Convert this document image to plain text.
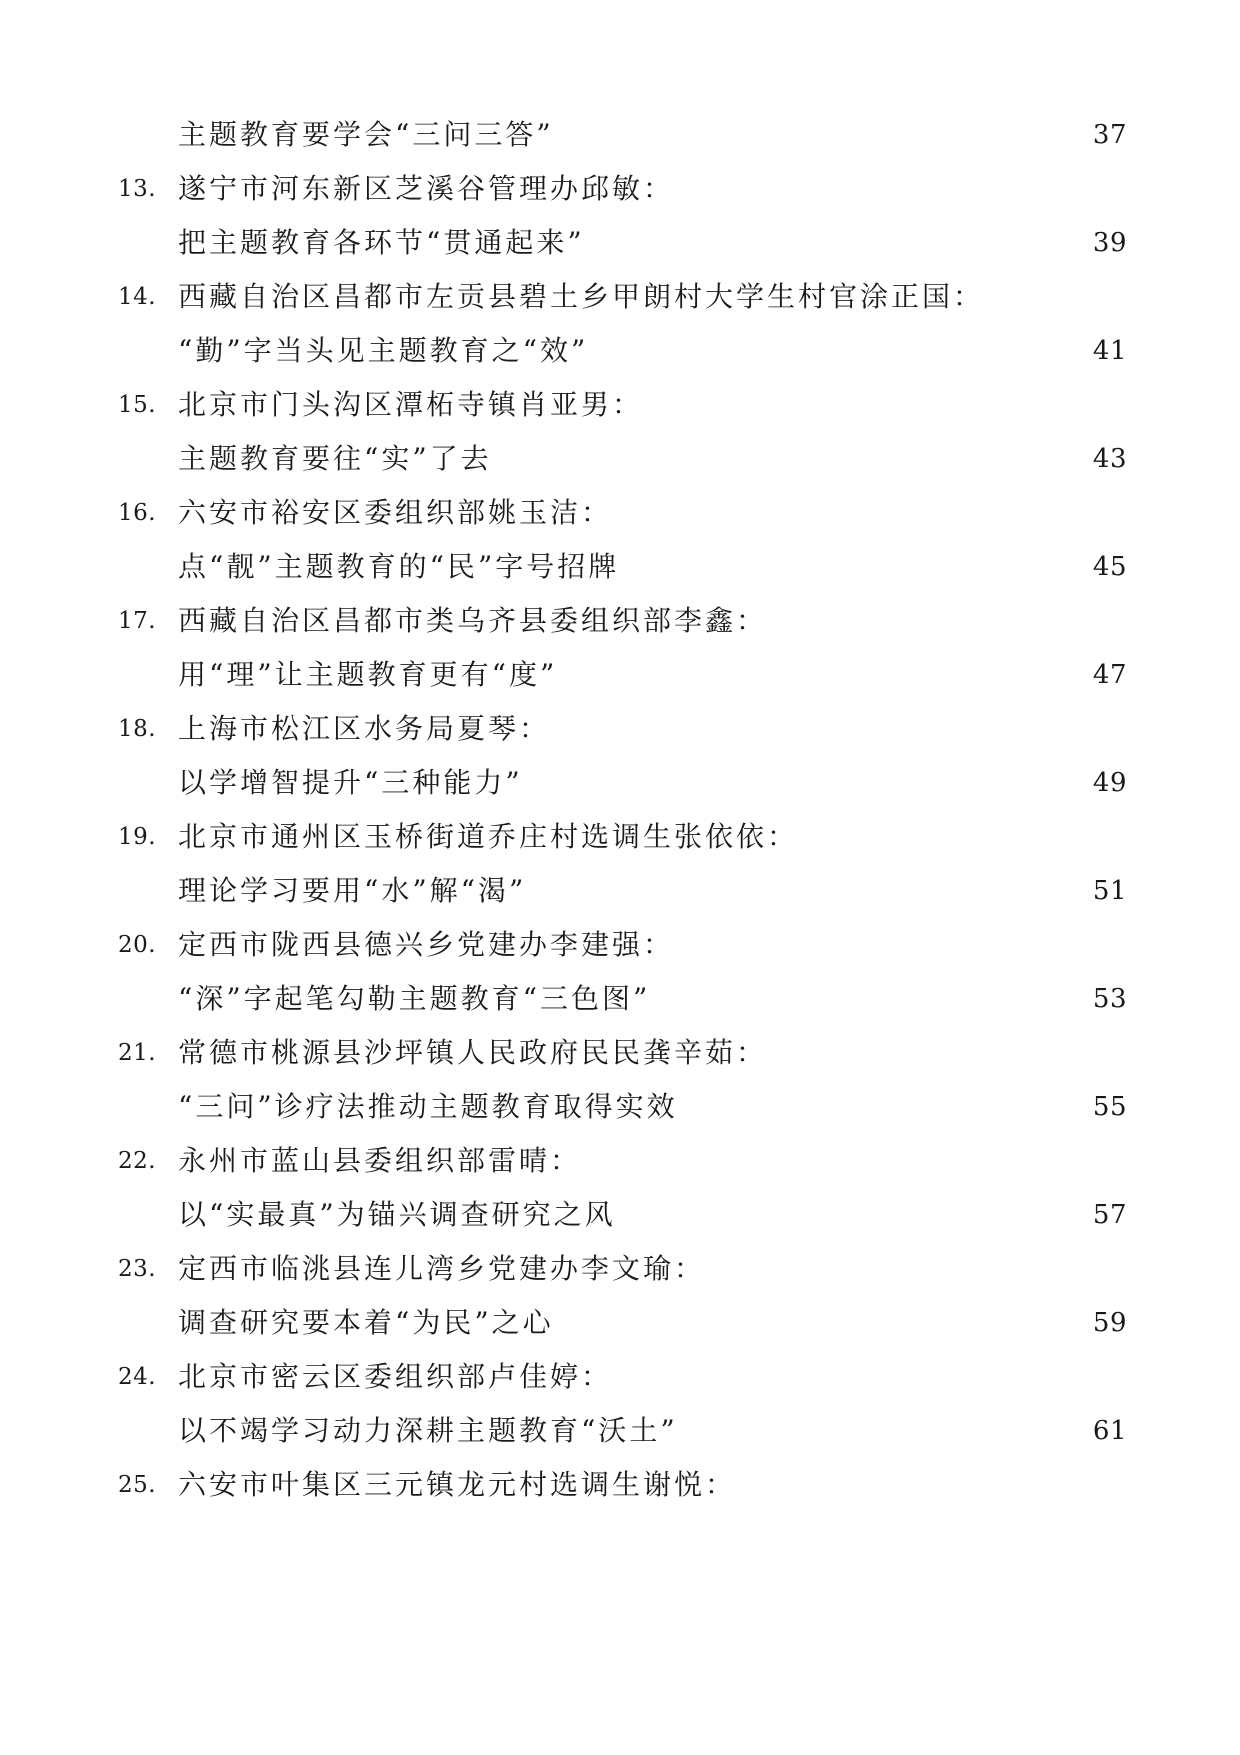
主题教育要学会“三问三答”	37
13. 遂宁市河东新区芝溪谷管理办邱敏：
把主题教育各环节“贯通起来”	39
14. 西藏自治区昌都市左贡县碧土乡甲朗村大学生村官涂正国：
“勤”字当头见主题教育之“效”	41
15. 北京市门头沟区潭柘寺镇肖亚男：
主题教育要往“实”了去	43
16. 六安市裕安区委组织部姚玉洁：
点“靓”主题教育的“民”字号招牌	45
17. 西藏自治区昌都市类乌齐县委组织部李鑫：
用“理”让主题教育更有“度”	47
18. 上海市松江区水务局夏琴：
以学增智提升“三种能力”	49
19. 北京市通州区玉桥街道乔庄村选调生张依依：
理论学习要用“水”解“渴”	51
20. 定西市陇西县德兴乡党建办李建强：
“深”字起笔勾勒主题教育“三色图”	53
21. 常德市桃源县沙坪镇人民政府民民龚辛茹：
“三问”诊疗法推动主题教育取得实效	55
22. 永州市蓝山县委组织部雷晴：
以“实最真”为锚兴调查研究之风	57
23. 定西市临洮县连儿湾乡党建办李文瑜：
调查研究要本着“为民”之心	59
24. 北京市密云区委组织部卢佳婷：
以不竭学习动力深耕主题教育“沃土”	61
25. 六安市叶集区三元镇龙元村选调生谢悦：
